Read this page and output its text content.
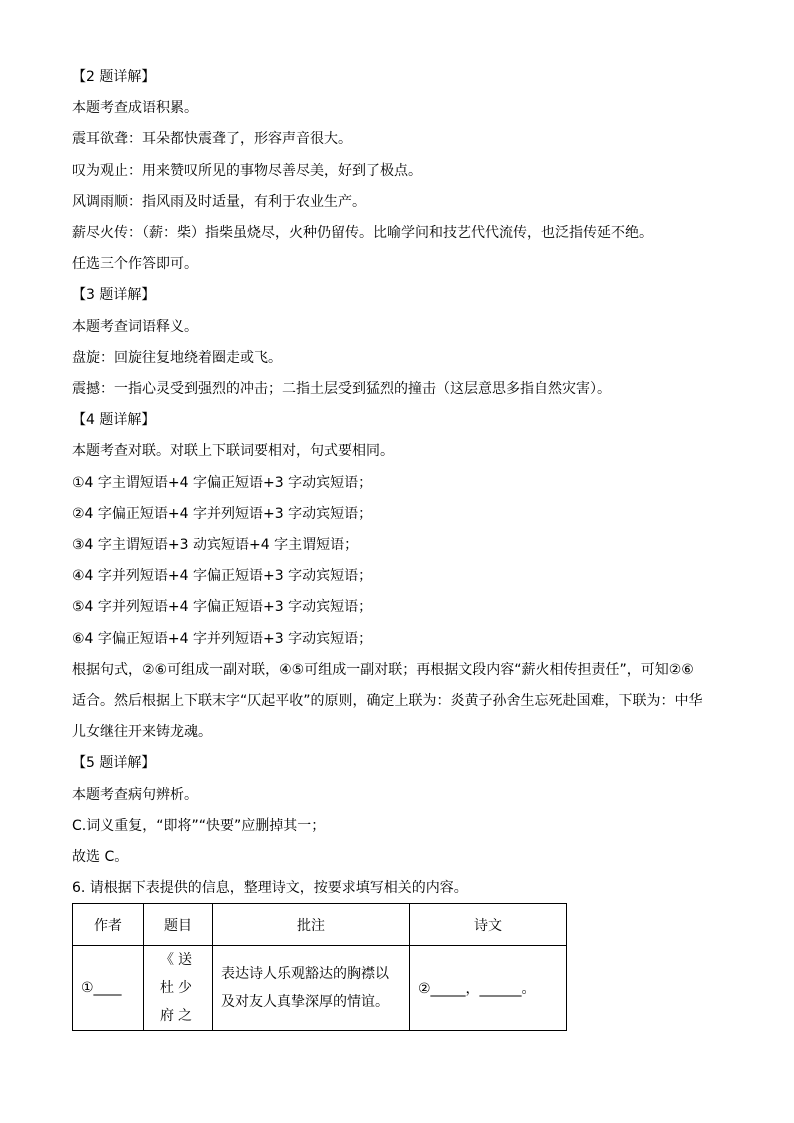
【2 题详解】
本题考查成语积累。
震耳欲聋：耳朵都快震聋了，形容声音很大。
叹为观止：用来赞叹所见的事物尽善尽美，好到了极点。
风调雨顺：指风雨及时适量，有利于农业生产。
薪尽火传：（薪：柴）指柴虽烧尽，火种仍留传。比喻学问和技艺代代流传，也泛指传延不绝。
任选三个作答即可。
【3 题详解】
本题考查词语释义。
盘旋：回旋往复地绕着圈走或飞。
震撼：一指心灵受到强烈的冲击；二指土层受到猛烈的撞击（这层意思多指自然灾害）。
【4 题详解】
本题考查对联。对联上下联词要相对，句式要相同。
①4 字主谓短语+4 字偏正短语+3 字动宾短语；
②4 字偏正短语+4 字并列短语+3 字动宾短语；
③4 字主谓短语+3 动宾短语+4 字主谓短语；
④4 字并列短语+4 字偏正短语+3 字动宾短语；
⑤4 字并列短语+4 字偏正短语+3 字动宾短语；
⑥4 字偏正短语+4 字并列短语+3 字动宾短语；
根据句式，②⑥可组成一副对联，④⑤可组成一副对联；再根据文段内容“薪火相传担责任”，可知②⑥
适合。然后根据上下联末字“仄起平收”的原则，确定上联为：炎黄子孙舍生忘死赴国难，下联为：中华
儿女继往开来铸龙魂。
【5 题详解】
本题考查病句辨析。
C.词义重复，“即将”“快要”应删掉其一；
故选 C。
6. 请根据下表提供的信息，整理诗文，按要求填写相关的内容。
作者	题目	批注	诗文
①____	《送杜少府之	表达诗人乐观豁达的胸襟以及对友人真挚深厚的情谊。	②_____，______。
